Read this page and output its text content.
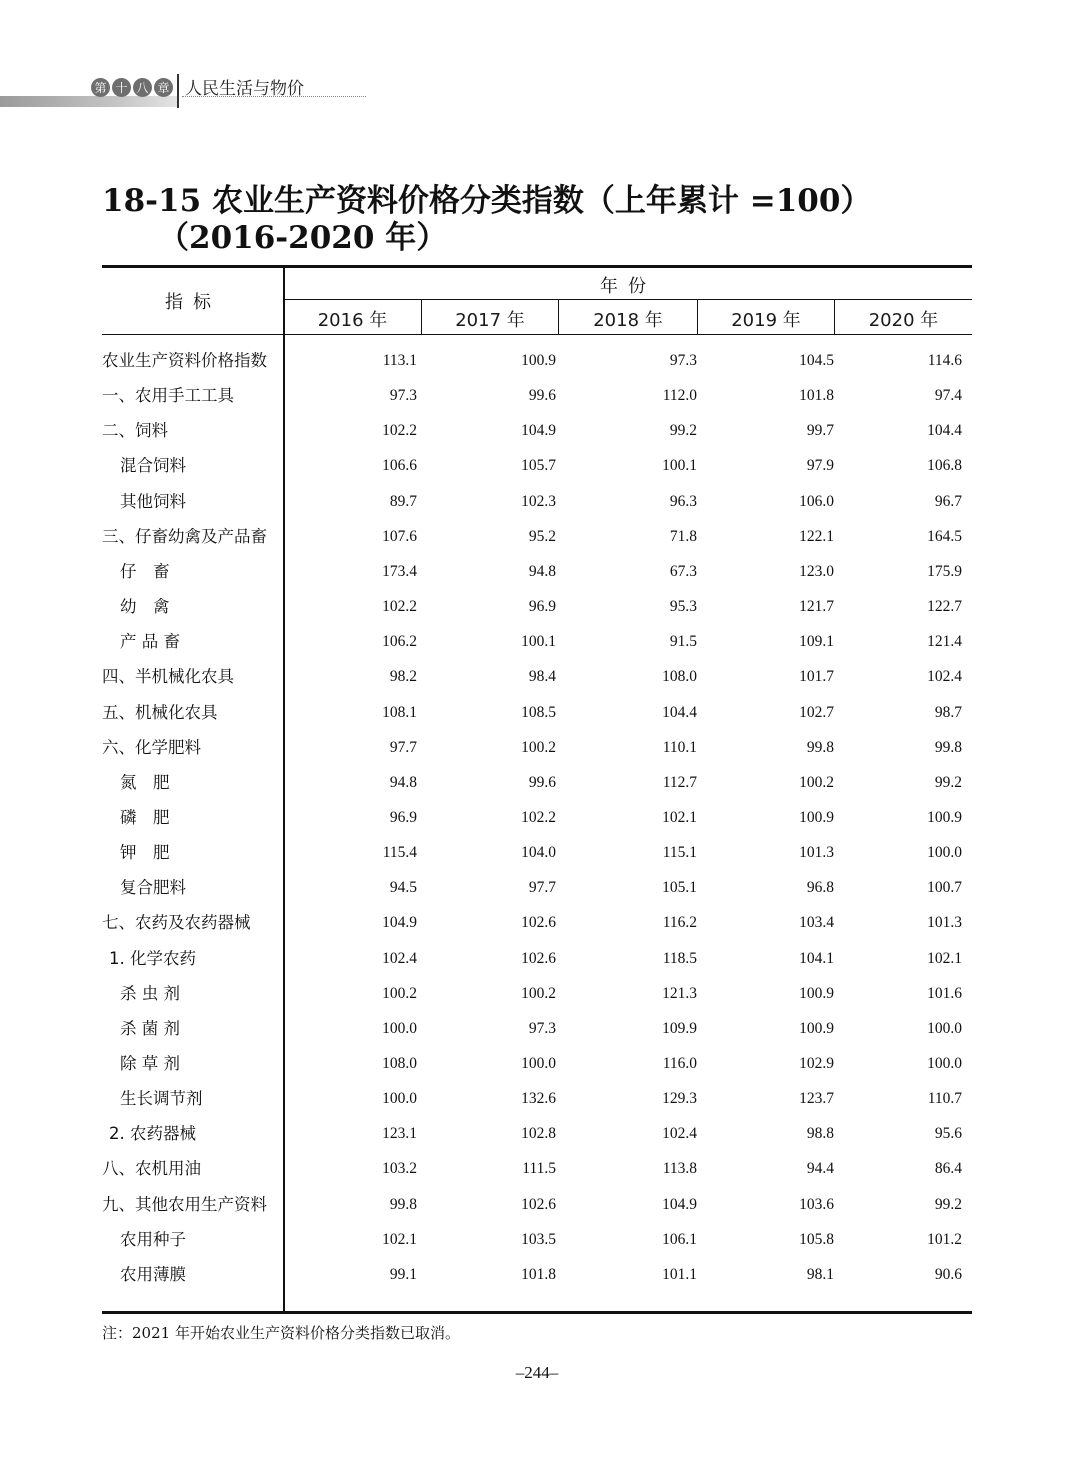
第 十 八 章 人民生活与物价
18-15 农业生产资料价格分类指数（上年累计 =100）
（2016-2020 年）
指标
年份
2016 年	2017 年	2018 年	2019 年	2020 年
农业生产资料价格指数	113.1	100.9	97.3	104.5	114.6
一、农用手工工具	97.3	99.6	112.0	101.8	97.4
二、饲料	102.2	104.9	99.2	99.7	104.4
混合饲料	106.6	105.7	100.1	97.9	106.8
其他饲料	89.7	102.3	96.3	106.0	96.7
三、仔畜幼禽及产品畜	107.6	95.2	71.8	122.1	164.5
仔　畜	173.4	94.8	67.3	123.0	175.9
幼　禽	102.2	96.9	95.3	121.7	122.7
产 品 畜	106.2	100.1	91.5	109.1	121.4
四、半机械化农具	98.2	98.4	108.0	101.7	102.4
五、机械化农具	108.1	108.5	104.4	102.7	98.7
六、化学肥料	97.7	100.2	110.1	99.8	99.8
氮　肥	94.8	99.6	112.7	100.2	99.2
磷　肥	96.9	102.2	102.1	100.9	100.9
钾　肥	115.4	104.0	115.1	101.3	100.0
复合肥料	94.5	97.7	105.1	96.8	100.7
七、农药及农药器械	104.9	102.6	116.2	103.4	101.3
1. 化学农药	102.4	102.6	118.5	104.1	102.1
杀 虫 剂	100.2	100.2	121.3	100.9	101.6
杀 菌 剂	100.0	97.3	109.9	100.9	100.0
除 草 剂	108.0	100.0	116.0	102.9	100.0
生长调节剂	100.0	132.6	129.3	123.7	110.7
2. 农药器械	123.1	102.8	102.4	98.8	95.6
八、农机用油	103.2	111.5	113.8	94.4	86.4
九、其他农用生产资料	99.8	102.6	104.9	103.6	99.2
农用种子	102.1	103.5	106.1	105.8	101.2
农用薄膜	99.1	101.8	101.1	98.1	90.6
注：2021 年开始农业生产资料价格分类指数已取消。
–244–
